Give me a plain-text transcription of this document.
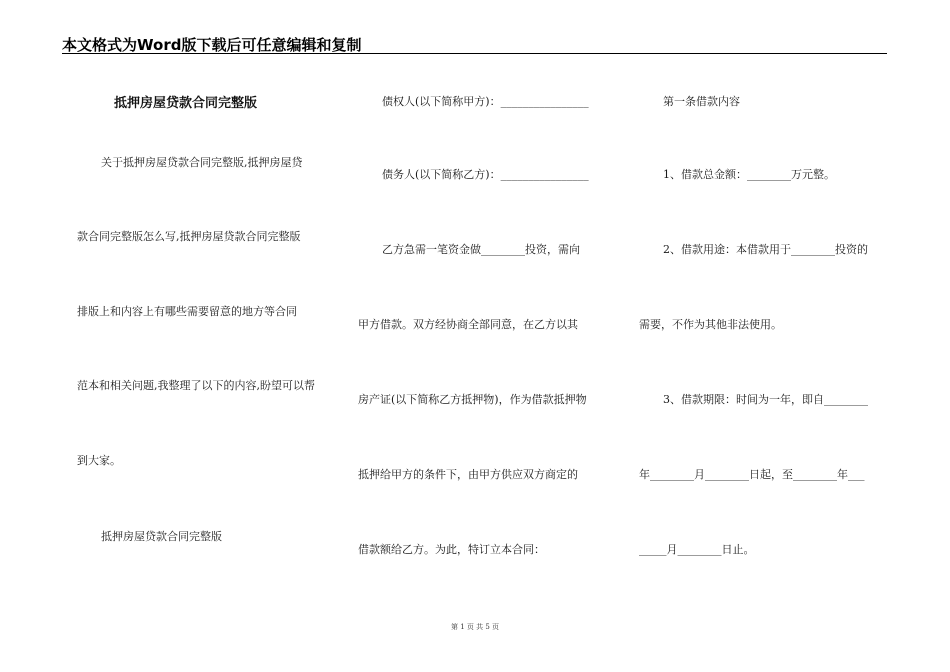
本文格式为Word版下载后可任意编辑和复制
抵押房屋贷款合同完整版
关于抵押房屋贷款合同完整版,抵押房屋贷
款合同完整版怎么写,抵押房屋贷款合同完整版
排版上和内容上有哪些需要留意的地方等合同
范本和相关问题,我整理了以下的内容,盼望可以帮
到大家。
抵押房屋贷款合同完整版
债权人(以下简称甲方)：________________
债务人(以下简称乙方)：________________
乙方急需一笔资金做________投资，需向
甲方借款。双方经协商全部同意，在乙方以其
房产证(以下简称乙方抵押物)，作为借款抵押物
抵押给甲方的条件下，由甲方供应双方商定的
借款额给乙方。为此，特订立本合同：
第一条借款内容
1、借款总金额：________万元整。
2、借款用途：本借款用于________投资的
需要，不作为其他非法使用。
3、借款期限：时间为一年，即自________
年________月________日起，至________年___
_____月________日止。
第 1 页 共 5 页
